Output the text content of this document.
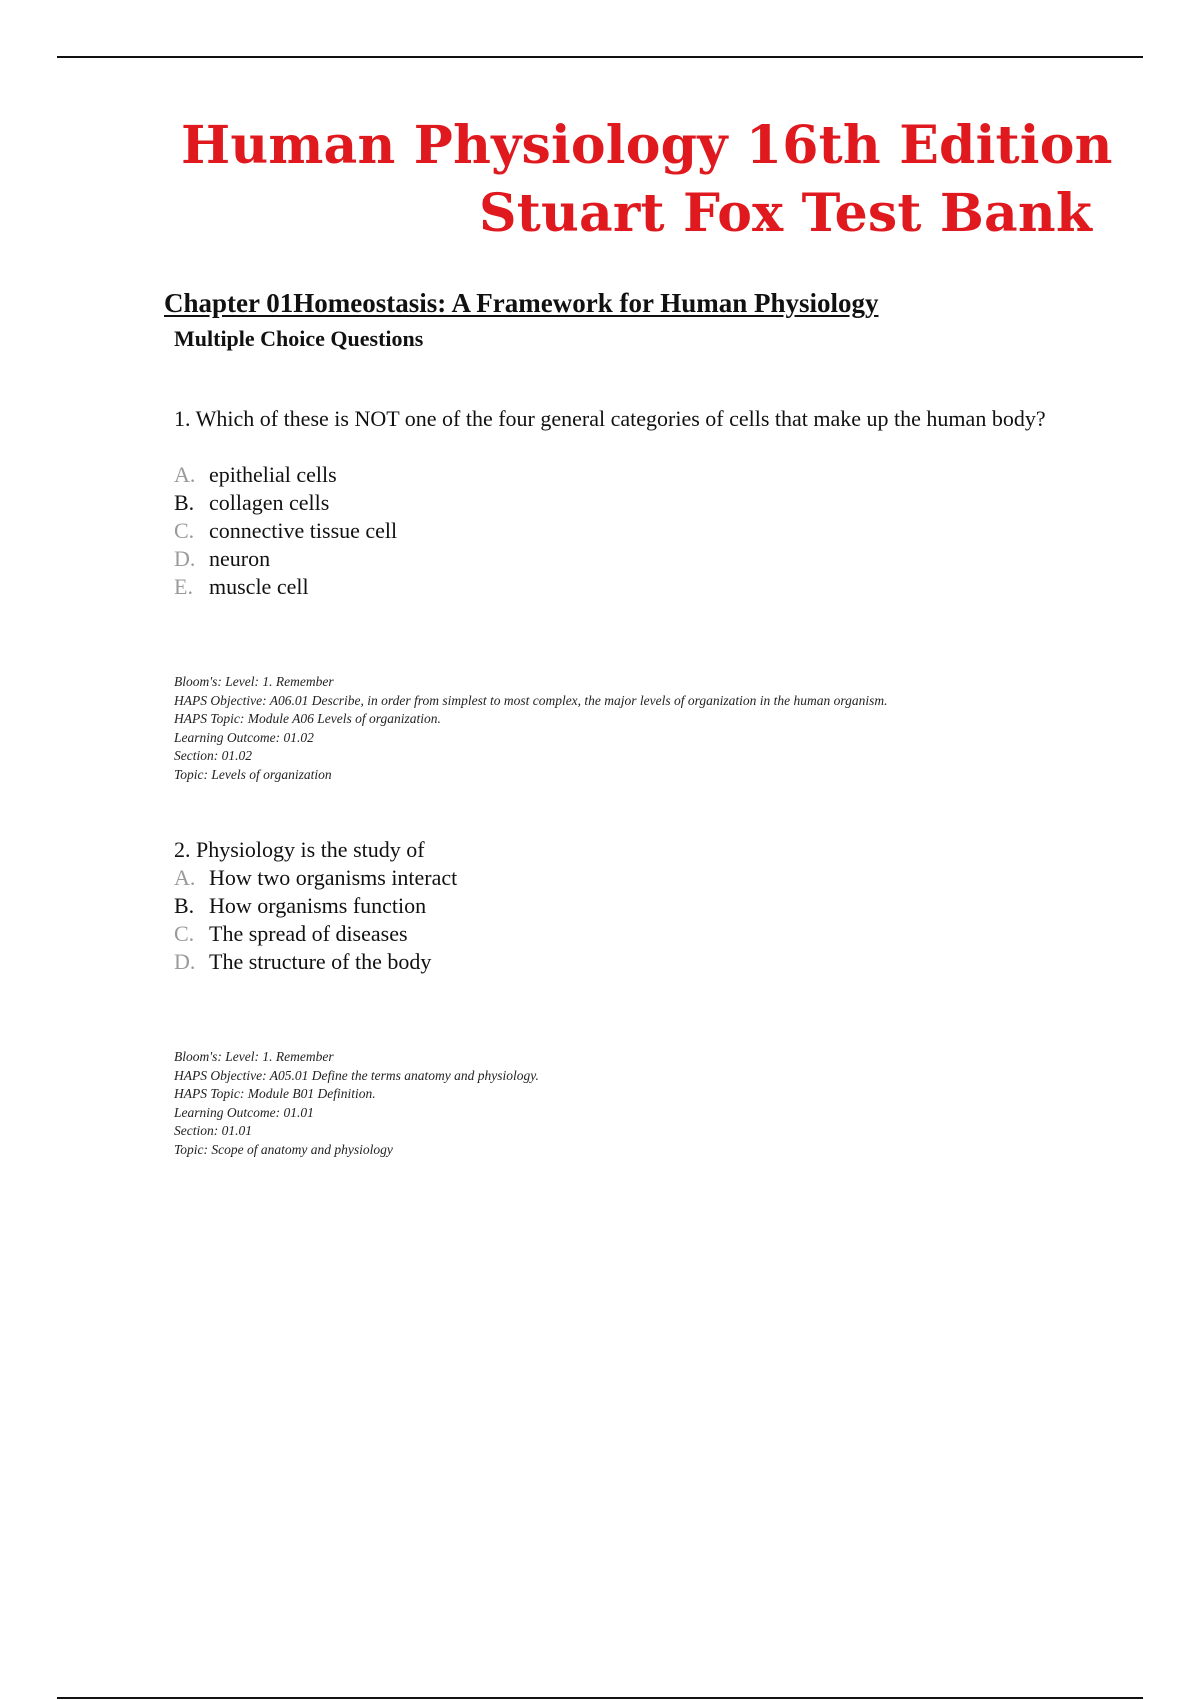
Human Physiology 16th Edition
Stuart Fox Test Bank
Chapter 01Homeostasis: A Framework for Human Physiology
Multiple Choice Questions
1. Which of these is NOT one of the four general categories of cells that make up the human body?
A. epithelial cells
B. collagen cells
C. connective tissue cell
D. neuron
E. muscle cell
Bloom's: Level: 1. Remember
HAPS Objective: A06.01 Describe, in order from simplest to most complex, the major levels of organization in the human organism.
HAPS Topic: Module A06 Levels of organization.
Learning Outcome: 01.02
Section: 01.02
Topic: Levels of organization
2. Physiology is the study of
A. How two organisms interact
B. How organisms function
C. The spread of diseases
D. The structure of the body
Bloom's: Level: 1. Remember
HAPS Objective: A05.01 Define the terms anatomy and physiology.
HAPS Topic: Module B01 Definition.
Learning Outcome: 01.01
Section: 01.01
Topic: Scope of anatomy and physiology
